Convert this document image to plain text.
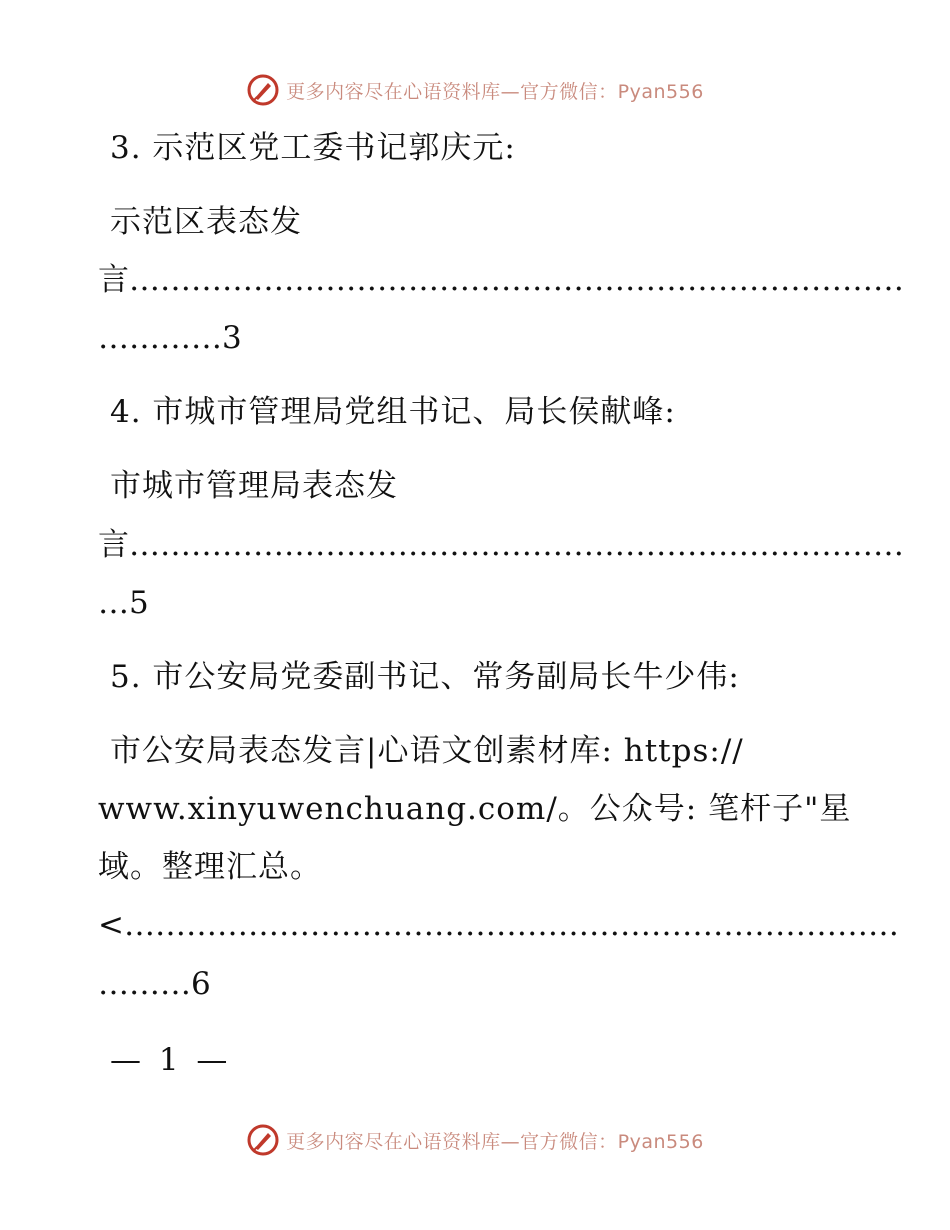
更多内容尽在心语资料库—官方微信：Pyan556
3. 示范区党工委书记郭庆元:
示范区表态发
言…………………………………………………………………
…………3
4. 市城市管理局党组书记、局长侯献峰:
市城市管理局表态发
言…………………………………………………………………
…5
5. 市公安局党委副书记、常务副局长牛少伟:
市公安局表态发言|心语文创素材库: https://
www.xinyuwenchuang.com/。公众号: 笔杆子"星
域。整理汇总。
<…………………………………………………………………
………6
— 1 —
更多内容尽在心语资料库—官方微信：Pyan556
